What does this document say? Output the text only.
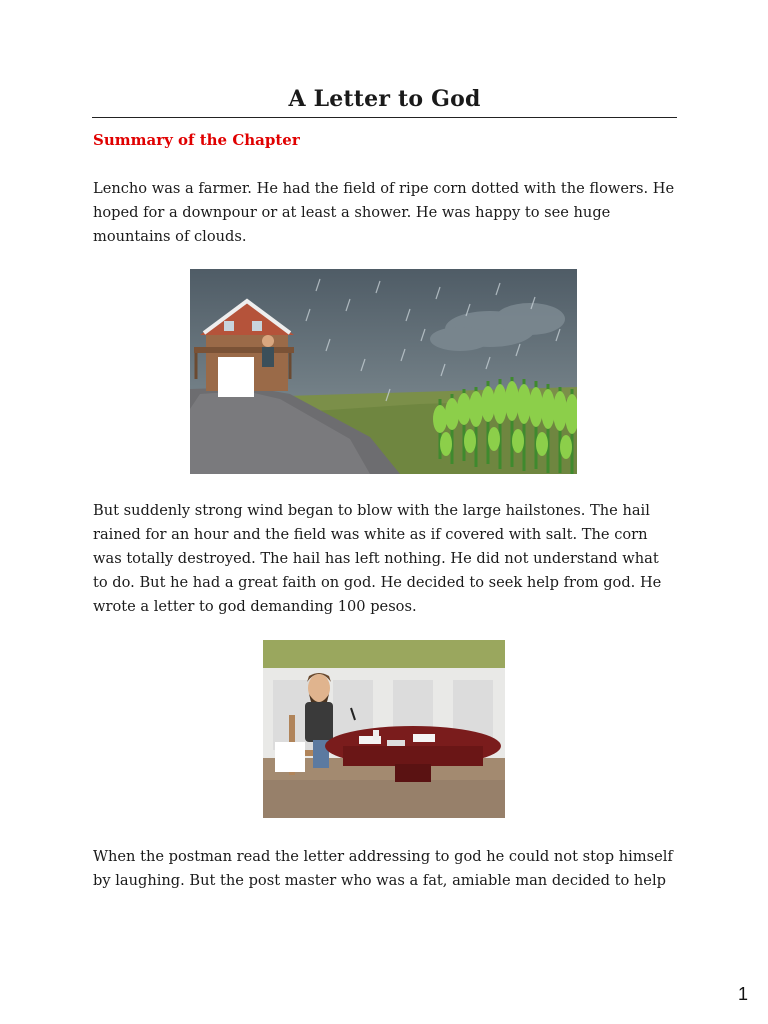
A Letter to God
Summary of the Chapter

Lencho was a farmer. He had the field of ripe corn dotted with the flowers. He hoped for a downpour or at least a shower. He was happy to see huge mountains of clouds.

But suddenly strong wind began to blow with the large hailstones. The hail rained for an hour and the field was white as if covered with salt. The corn was totally destroyed. The hail has left nothing. He did not understand what to do. But he had a great faith on god. He decided to seek help from god. He wrote a letter to god demanding 100 pesos.

When the postman read the letter addressing to god he could not stop himself by laughing. But the post master who was a fat, amiable man decided to help

1
